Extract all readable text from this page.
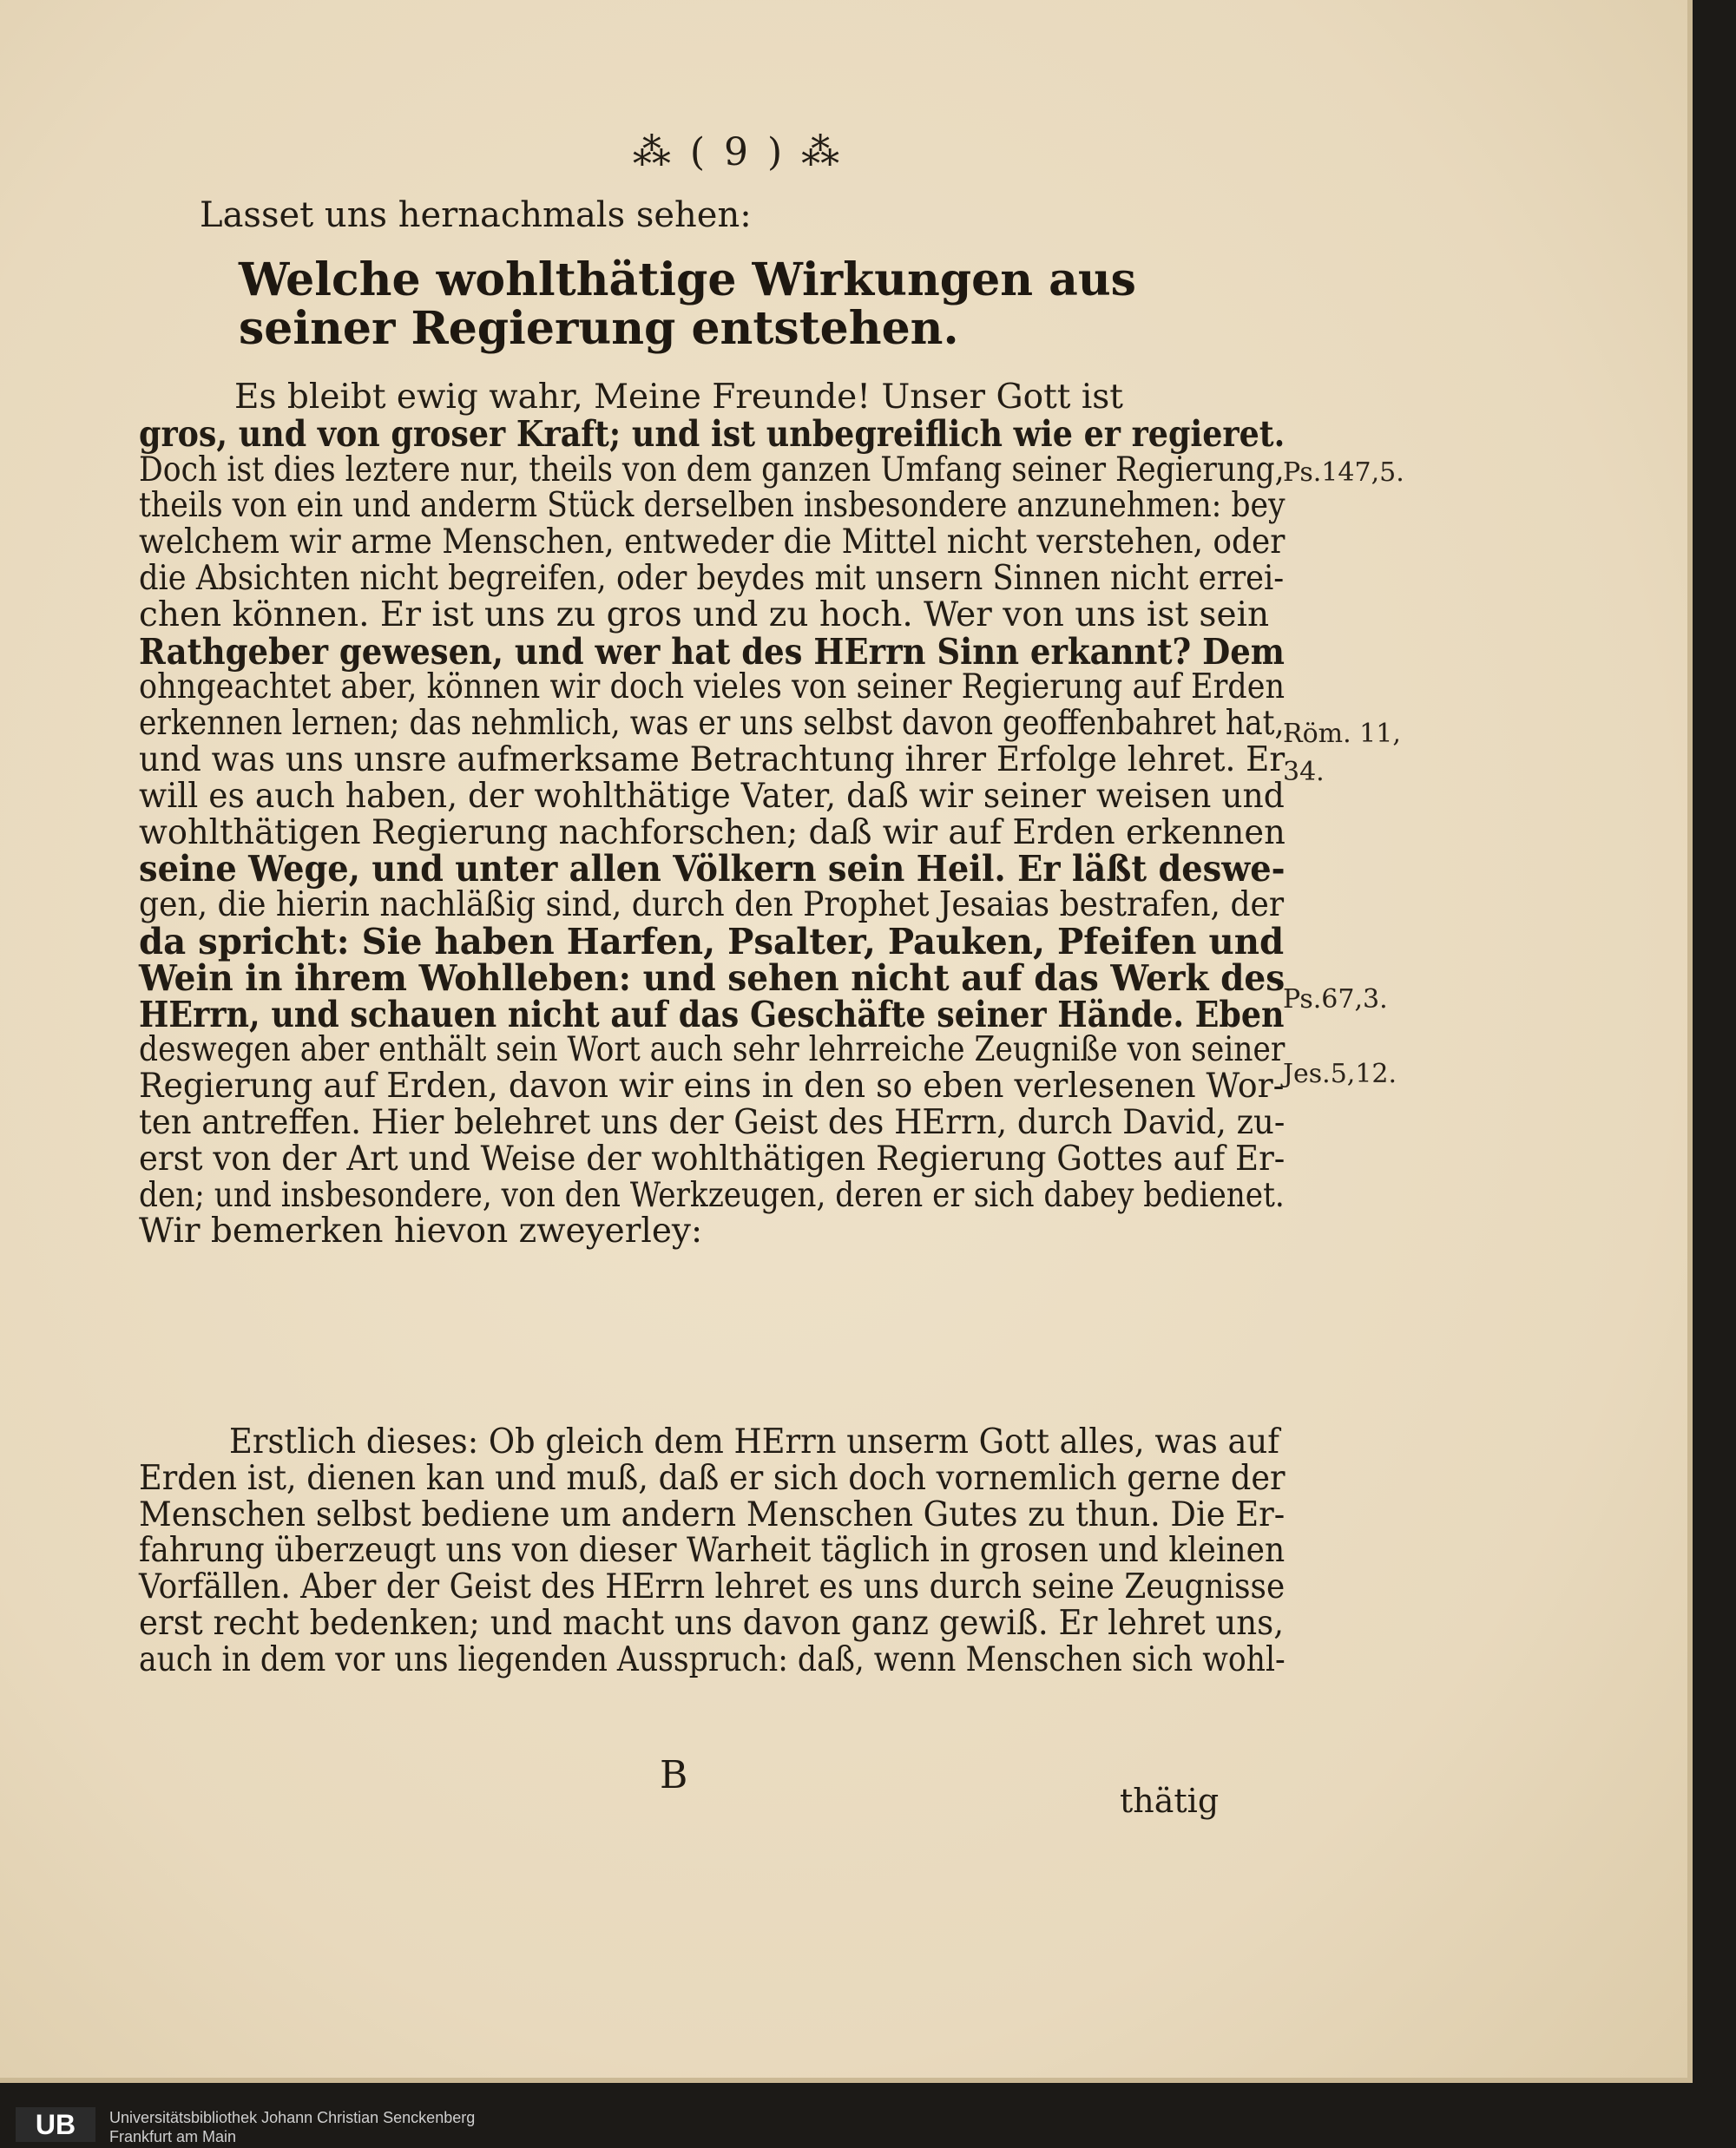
⁂ ( 9 ) ⁂
Lasset uns hernachmals sehen:
Welche wohlthätige Wirkungen aus seiner Regierung entstehen.
Es bleibt ewig wahr, Meine Freunde! Unser Gott ist
gros, und von groser Kraft; und ist unbegreiflich wie er regieret.
Doch ist dies leztere nur, theils von dem ganzen Umfang seiner Regierung,
theils von ein und anderm Stück derselben insbesondere anzunehmen: bey
welchem wir arme Menschen, entweder die Mittel nicht verstehen, oder
die Absichten nicht begreifen, oder beydes mit unsern Sinnen nicht errei-
chen können. Er ist uns zu gros und zu hoch. Wer von uns ist sein
Rathgeber gewesen, und wer hat des HErrn Sinn erkannt? Dem
ohngeachtet aber, können wir doch vieles von seiner Regierung auf Erden
erkennen lernen; das nehmlich, was er uns selbst davon geoffenbahret hat,
und was uns unsre aufmerksame Betrachtung ihrer Erfolge lehret. Er
will es auch haben, der wohlthätige Vater, daß wir seiner weisen und
wohlthätigen Regierung nachforschen; daß wir auf Erden erkennen
seine Wege, und unter allen Völkern sein Heil. Er läßt deswe-
gen, die hierin nachläßig sind, durch den Prophet Jesaias bestrafen, der
da spricht: Sie haben Harfen, Psalter, Pauken, Pfeifen und
Wein in ihrem Wohlleben: und sehen nicht auf das Werk des
HErrn, und schauen nicht auf das Geschäfte seiner Hände. Eben
deswegen aber enthält sein Wort auch sehr lehrreiche Zeugniße von seiner
Regierung auf Erden, davon wir eins in den so eben verlesenen Wor-
ten antreffen. Hier belehret uns der Geist des HErrn, durch David, zu-
erst von der Art und Weise der wohlthätigen Regierung Gottes auf Er-
den; und insbesondere, von den Werkzeugen, deren er sich dabey bedienet.
Wir bemerken hievon zweyerley:
Erstlich dieses: Ob gleich dem HErrn unserm Gott alles, was auf
Erden ist, dienen kan und muß, daß er sich doch vornemlich gerne der
Menschen selbst bediene um andern Menschen Gutes zu thun. Die Er-
fahrung überzeugt uns von dieser Warheit täglich in grosen und kleinen
Vorfällen. Aber der Geist des HErrn lehret es uns durch seine Zeugnisse
erst recht bedenken; und macht uns davon ganz gewiß. Er lehret uns,
auch in dem vor uns liegenden Ausspruch: daß, wenn Menschen sich wohl-
Ps.147,5.
Röm. 11,
34.
Ps.67,3.
Jes.5,12.
B
thätig
UB	Universitätsbibliothek Johann Christian Senckenberg
Frankfurt am Main
